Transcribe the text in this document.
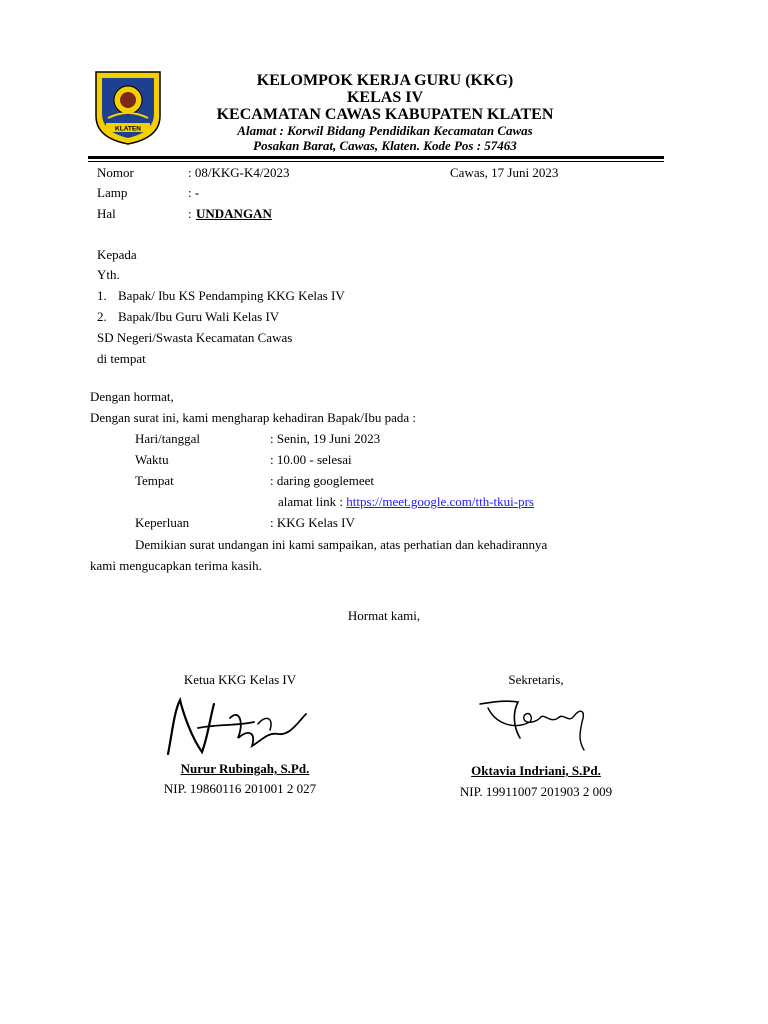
KLATEN
KELOMPOK KERJA GURU (KKG)
KELAS IV
KECAMATAN CAWAS KABUPATEN KLATEN
Alamat : Korwil Bidang Pendidikan Kecamatan Cawas
Posakan Barat, Cawas, Klaten. Kode Pos : 57463
Nomor	: 08/KKG-K4/2023	Cawas, 17 Juni 2023
Lamp	: -
Hal	: UNDANGAN
Kepada
Yth.
1. Bapak/ Ibu KS Pendamping KKG Kelas IV
2. Bapak/Ibu Guru Wali Kelas IV
SD Negeri/Swasta Kecamatan Cawas
di tempat
Dengan hormat,
Dengan surat ini, kami mengharap kehadiran Bapak/Ibu pada :
Hari/tanggal	: Senin, 19 Juni 2023
Waktu	: 10.00 - selesai
Tempat	: daring googlemeet
alamat link : https://meet.google.com/tth-tkui-prs
Keperluan	: KKG Kelas IV
Demikian surat undangan ini kami sampaikan, atas perhatian dan kehadirannya
kami mengucapkan terima kasih.
Hormat kami,
Ketua KKG Kelas IV	Sekretaris,
Nurur Rubingah, S.Pd.	Oktavia Indriani, S.Pd.
NIP. 19860116 201001 2 027	NIP. 19911007 201903 2 009
